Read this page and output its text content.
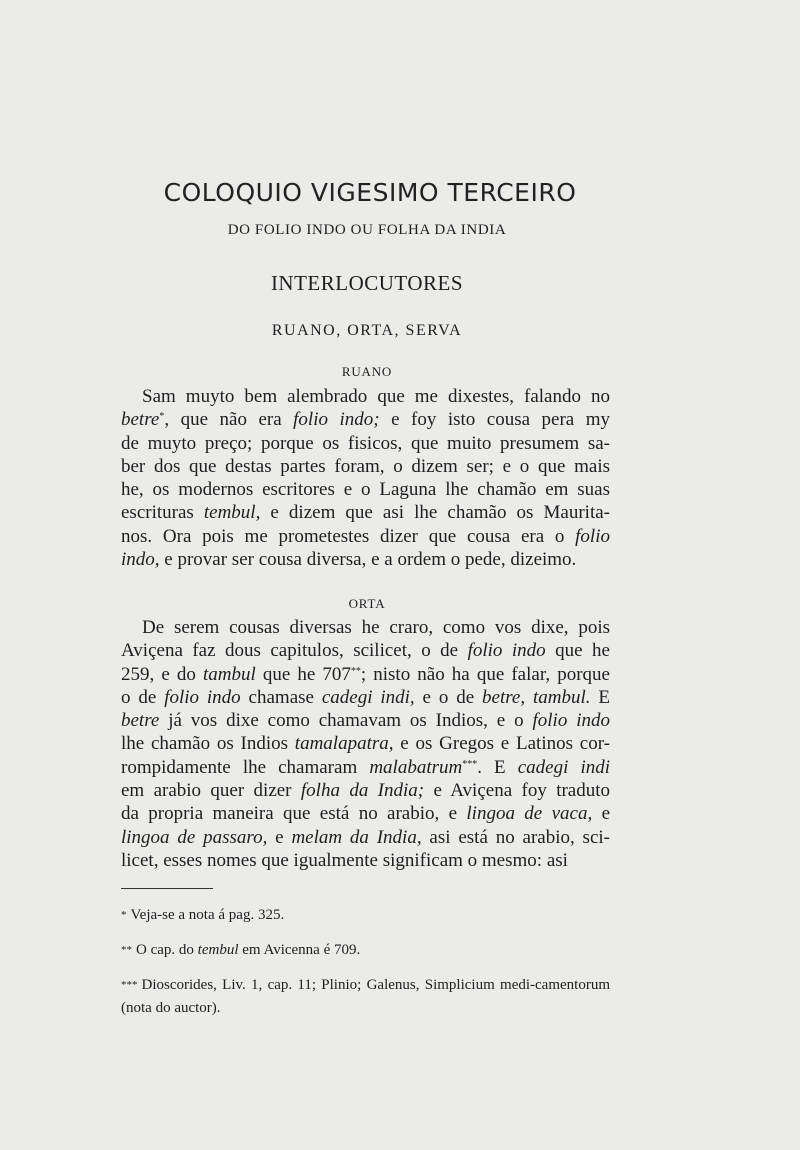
COLOQUIO VIGESIMO TERCEIRO
DO FOLIO INDO OU FOLHA DA INDIA
INTERLOCUTORES
RUANO, ORTA, SERVA
RUANO
Sam muyto bem alembrado que me dixestes, falando no
betre*, que não era folio indo; e foy isto cousa pera my
de muyto preço; porque os fisicos, que muito presumem sa-
ber dos que destas partes foram, o dizem ser; e o que mais
he, os modernos escritores e o Laguna lhe chamão em suas
escrituras tembul, e dizem que asi lhe chamão os Maurita-
nos. Ora pois me prometestes dizer que cousa era o folio
indo, e provar ser cousa diversa, e a ordem o pede, dizeimo.
ORTA
De serem cousas diversas he craro, como vos dixe, pois
Aviçena faz dous capitulos, scilicet, o de folio indo que he
259, e do tambul que he 707**; nisto não ha que falar, porque
o de folio indo chamase cadegi indi, e o de betre, tambul. E
betre já vos dixe como chamavam os Indios, e o folio indo
lhe chamão os Indios tamalapatra, e os Gregos e Latinos cor-
rompidamente lhe chamaram malabatrum***. E cadegi indi
em arabio quer dizer folha da India; e Aviçena foy traduto
da propria maneira que está no arabio, e lingoa de vaca, e
lingoa de passaro, e melam da India, asi está no arabio, sci-
licet, esses nomes que igualmente significam o mesmo: asi
* Veja-se a nota á pag. 325.
** O cap. do tembul em Avicenna é 709.
*** Dioscorides, Liv. 1, cap. 11; Plinio; Galenus, Simplicium medi-camentorum (nota do auctor).
